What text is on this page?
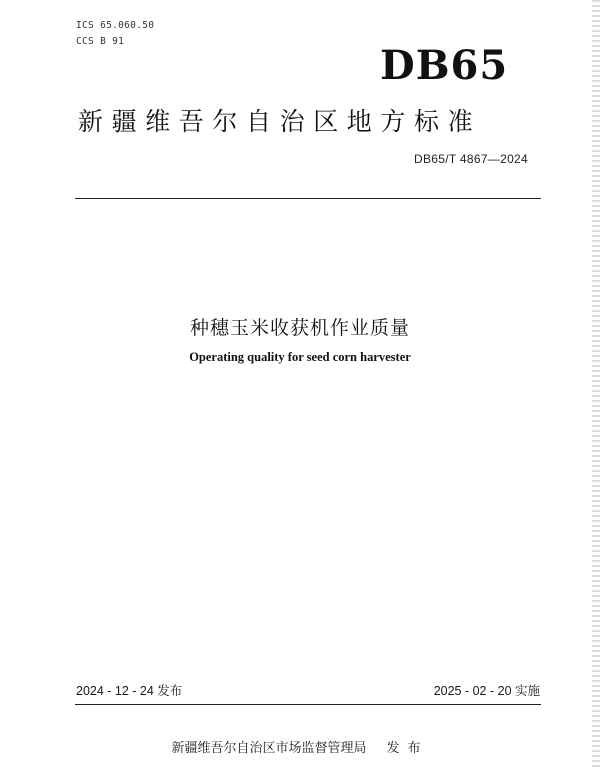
ICS 65.060.50
CCS B 91
DB65
新疆维吾尔自治区地方标准
DB65/T 4867—2024
种穗玉米收获机作业质量
Operating quality for seed corn harvester
2024 - 12 - 24 发布	2025 - 02 - 20 实施
新疆维吾尔自治区市场监督管理局 发布
